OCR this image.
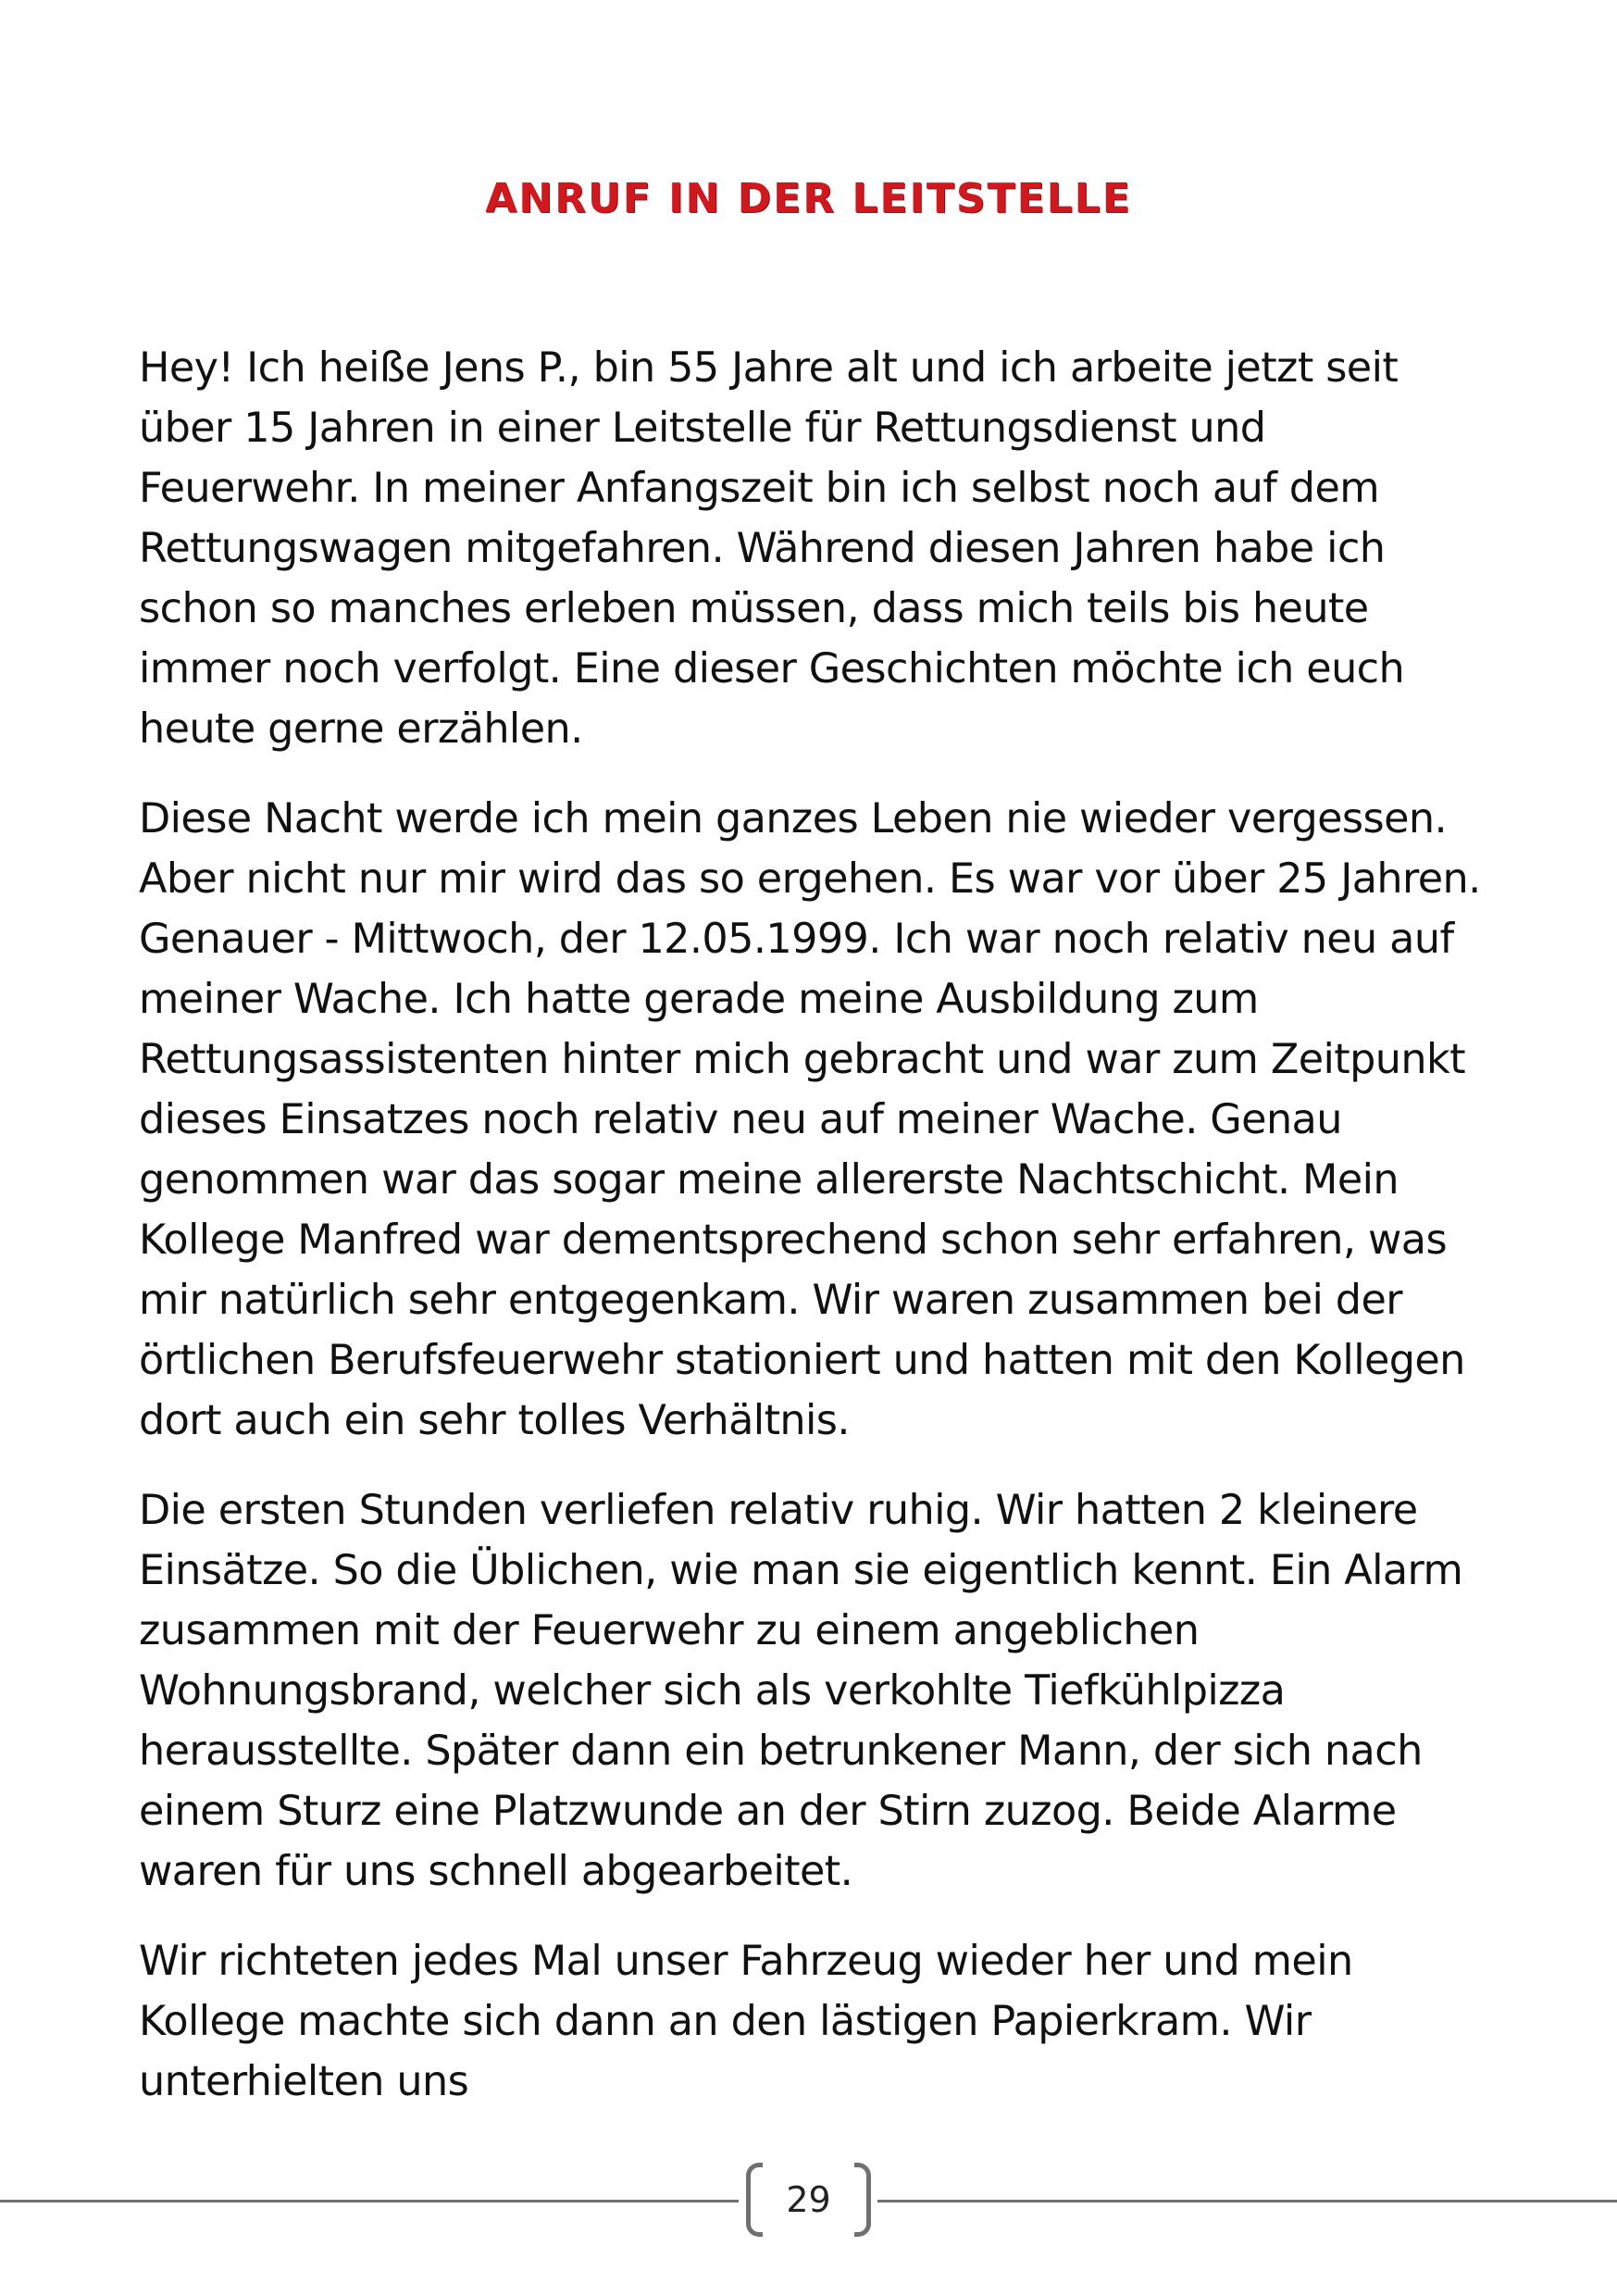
ANRUF IN DER LEITSTELLE

Hey! Ich heiße Jens P., bin 55 Jahre alt und ich arbeite jetzt seit über 15 Jahren in einer Leitstelle für Rettungsdienst und Feuerwehr. In meiner Anfangszeit bin ich selbst noch auf dem Rettungswagen mitgefahren. Während diesen Jahren habe ich schon so manches erleben müssen, dass mich teils bis heute immer noch verfolgt. Eine dieser Geschichten möchte ich euch heute gerne erzählen.

Diese Nacht werde ich mein ganzes Leben nie wieder vergessen. Aber nicht nur mir wird das so ergehen. Es war vor über 25 Jahren. Genauer - Mittwoch, der 12.05.1999. Ich war noch relativ neu auf meiner Wache. Ich hatte gerade meine Ausbildung zum Rettungsassistenten hinter mich gebracht und war zum Zeitpunkt dieses Einsatzes noch relativ neu auf meiner Wache. Genau genommen war das sogar meine allererste Nachtschicht. Mein Kollege Manfred war dementsprechend schon sehr erfahren, was mir natürlich sehr entgegenkam. Wir waren zusammen bei der örtlichen Berufsfeuerwehr stationiert und hatten mit den Kollegen dort auch ein sehr tolles Verhältnis.

Die ersten Stunden verliefen relativ ruhig. Wir hatten 2 kleinere Einsätze. So die Üblichen, wie man sie eigentlich kennt. Ein Alarm zusammen mit der Feuerwehr zu einem angeblichen Wohnungsbrand, welcher sich als verkohlte Tiefkühlpizza herausstellte. Später dann ein betrunkener Mann, der sich nach einem Sturz eine Platzwunde an der Stirn zuzog. Beide Alarme waren für uns schnell abgearbeitet.

Wir richteten jedes Mal unser Fahrzeug wieder her und mein Kollege machte sich dann an den lästigen Papierkram. Wir unterhielten uns

29
